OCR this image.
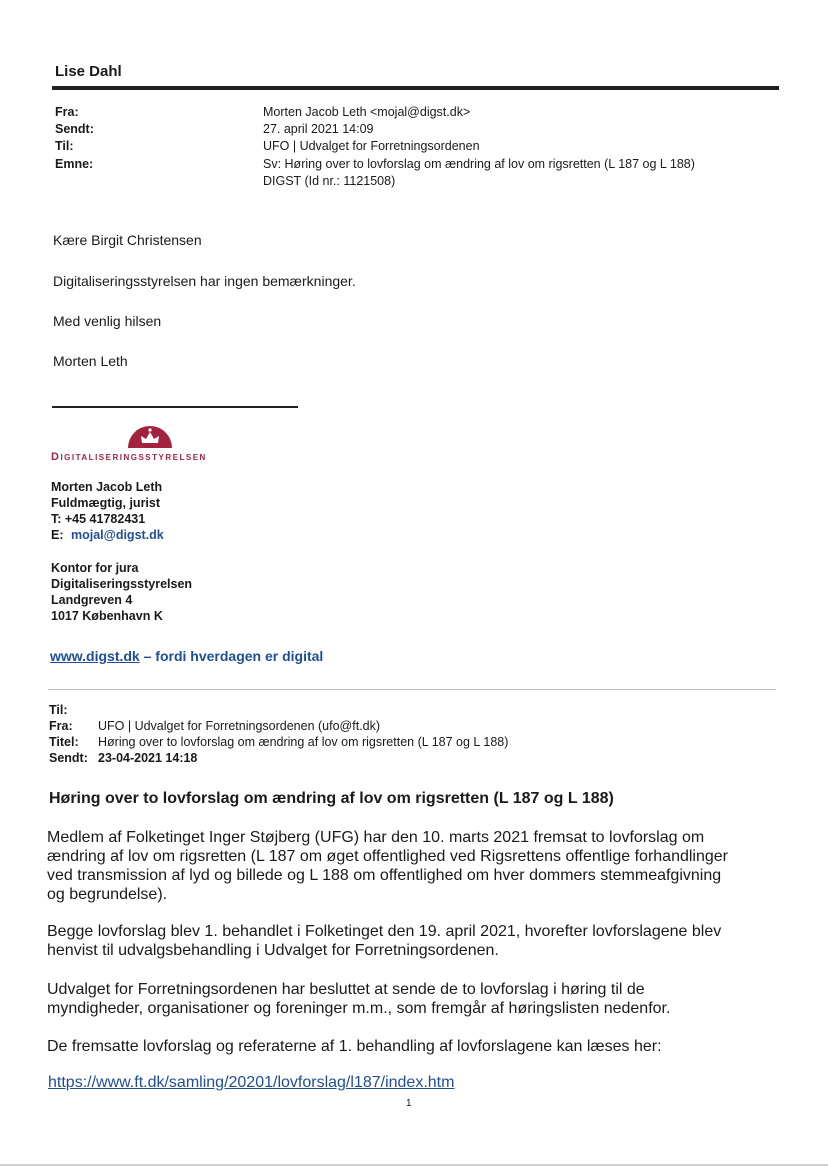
Lise Dahl
Fra:	Morten Jacob Leth <mojal@digst.dk>
Sendt:	27. april 2021 14:09
Til:	UFO | Udvalget for Forretningsordenen
Emne:	Sv: Høring over to lovforslag om ændring af lov om rigsretten (L 187 og L 188)
DIGST (Id nr.: 1121508)
Kære Birgit Christensen
Digitaliseringsstyrelsen har ingen bemærkninger.
Med venlig hilsen
Morten Leth
Digitaliseringsstyrelsen
Morten Jacob Leth
Fuldmægtig, jurist
T: +45 41782431
E: mojal@digst.dk
Kontor for jura
Digitaliseringsstyrelsen
Landgreven 4
1017 København K
www.digst.dk – fordi hverdagen er digital
Til:
Fra: UFO | Udvalget for Forretningsordenen (ufo@ft.dk)
Titel: Høring over to lovforslag om ændring af lov om rigsretten (L 187 og L 188)
Sendt: 23-04-2021 14:18
Høring over to lovforslag om ændring af lov om rigsretten (L 187 og L 188)
Medlem af Folketinget Inger Støjberg (UFG) har den 10. marts 2021 fremsat to lovforslag om
ændring af lov om rigsretten (L 187 om øget offentlighed ved Rigsrettens offentlige forhandlinger
ved transmission af lyd og billede og L 188 om offentlighed om hver dommers stemmeafgivning
og begrundelse).
Begge lovforslag blev 1. behandlet i Folketinget den 19. april 2021, hvorefter lovforslagene blev
henvist til udvalgsbehandling i Udvalget for Forretningsordenen.
Udvalget for Forretningsordenen har besluttet at sende de to lovforslag i høring til de
myndigheder, organisationer og foreninger m.m., som fremgår af høringslisten nedenfor.
De fremsatte lovforslag og referaterne af 1. behandling af lovforslagene kan læses her:
https://www.ft.dk/samling/20201/lovforslag/l187/index.htm
1
